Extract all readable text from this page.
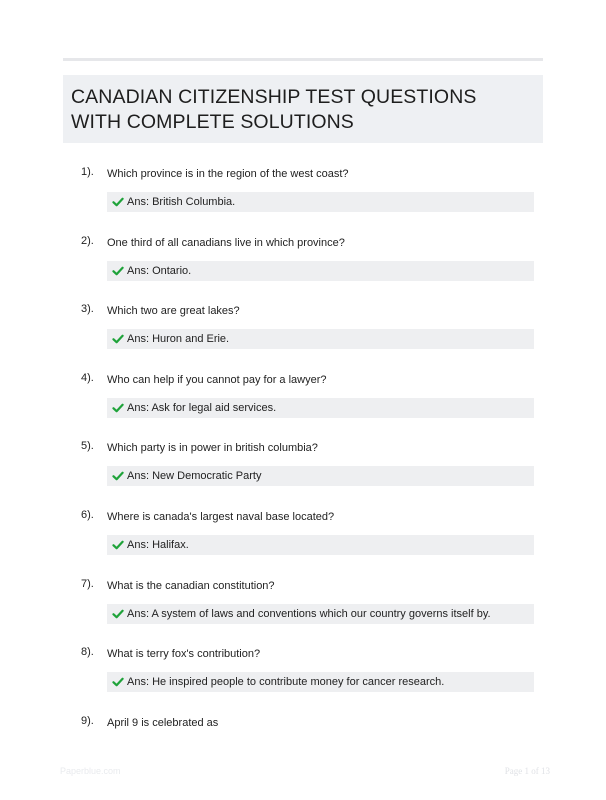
CANADIAN CITIZENSHIP TEST QUESTIONS
WITH COMPLETE SOLUTIONS
1). Which province is in the region of the west coast?
Ans: British Columbia.
2). One third of all canadians live in which province?
Ans: Ontario.
3). Which two are great lakes?
Ans: Huron and Erie.
4). Who can help if you cannot pay for a lawyer?
Ans: Ask for legal aid services.
5). Which party is in power in british columbia?
Ans: New Democratic Party
6). Where is canada's largest naval base located?
Ans: Halifax.
7). What is the canadian constitution?
Ans: A system of laws and conventions which our country governs itself by.
8). What is terry fox's contribution?
Ans: He inspired people to contribute money for cancer research.
9). April 9 is celebrated as
Paperblue.com	Page 1 of 13
